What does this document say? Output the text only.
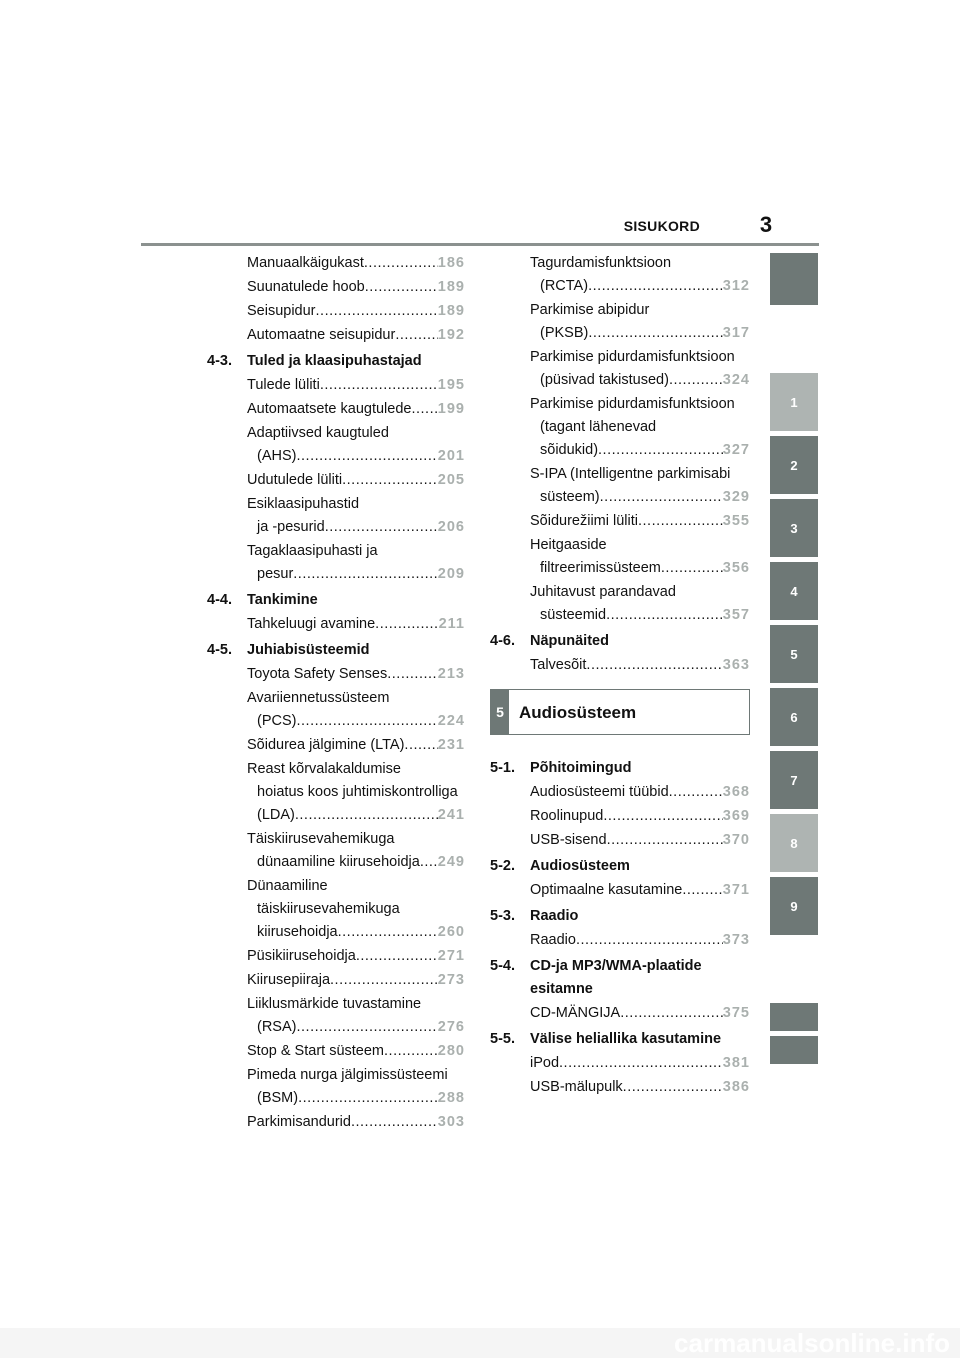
SISUKORD	3
1
2
3
4
5
6
7
8
9
Manuaalkäigukast .....	186
Suunatulede hoob .....	189
Seisupidur .....	189
Automaatne seisupidur .....	192
4-3.	Tuled ja klaasipuhastajad
Tulede lüliti .....	195
Automaatsete kaugtulede ..... 199
Adaptiivsed kaugtuled
(AHS) .....	201
Udutulede lüliti .....	205
Esiklaasipuhastid
ja -pesurid .....	206
Tagaklaasipuhasti ja
pesur .....	209
4-4.	Tankimine
Tahkeluugi avamine .....	211
4-5.	Juhiabisüsteemid
Toyota Safety Senses .....	213
Avariiennetussüsteem
(PCS) .....	224
Sõidurea jälgimine (LTA) ..... 231
Reast kõrvalakaldumise
hoiatus koos juhtimiskontrolliga
(LDA) .....	241
Täiskiirusevahemikuga
dünaamiline kiirusehoidja ..... 249
Dünaamiline
täiskiirusevahemikuga
kiirusehoidja .....	260
Püsikiirusehoidja .....	271
Kiirusepiiraja .....	273
Liiklusmärkide tuvastamine
(RSA) .....	276
Stop & Start süsteem .....	280
Pimeda nurga jälgimissüsteemi
(BSM) .....	288
Parkimisandurid .....	303
Tagurdamisfunktsioon
(RCTA) .....	312
Parkimise abipidur
(PKSB) .....	317
Parkimise pidurdamisfunktsioon
(püsivad takistused) .....	324
Parkimise pidurdamisfunktsioon
(tagant lähenevad
sõidukid) .....	327
S-IPA (Intelligentne parkimisabi
süsteem) .....	329
Sõidurežiimi lüliti .....	355
Heitgaaside
filtreerimissüsteem .....	356
Juhitavust parandavad
süsteemid .....	357
4-6.	Näpunäited
Talvesõit .....	363
5 Audiosüsteem
5-1.	Põhitoimingud
Audiosüsteemi tüübid .....	368
Roolinupud .....	369
USB-sisend .....	370
5-2.	Audiosüsteem
Optimaalne kasutamine .....	371
5-3.	Raadio
Raadio .....	373
5-4.	CD-ja MP3/WMA-plaatide esitamne
CD-MÄNGIJA .....	375
5-5.	Välise heliallika kasutamine
iPod .....	381
USB-mälupulk .....	386
carmanualsonline.info
